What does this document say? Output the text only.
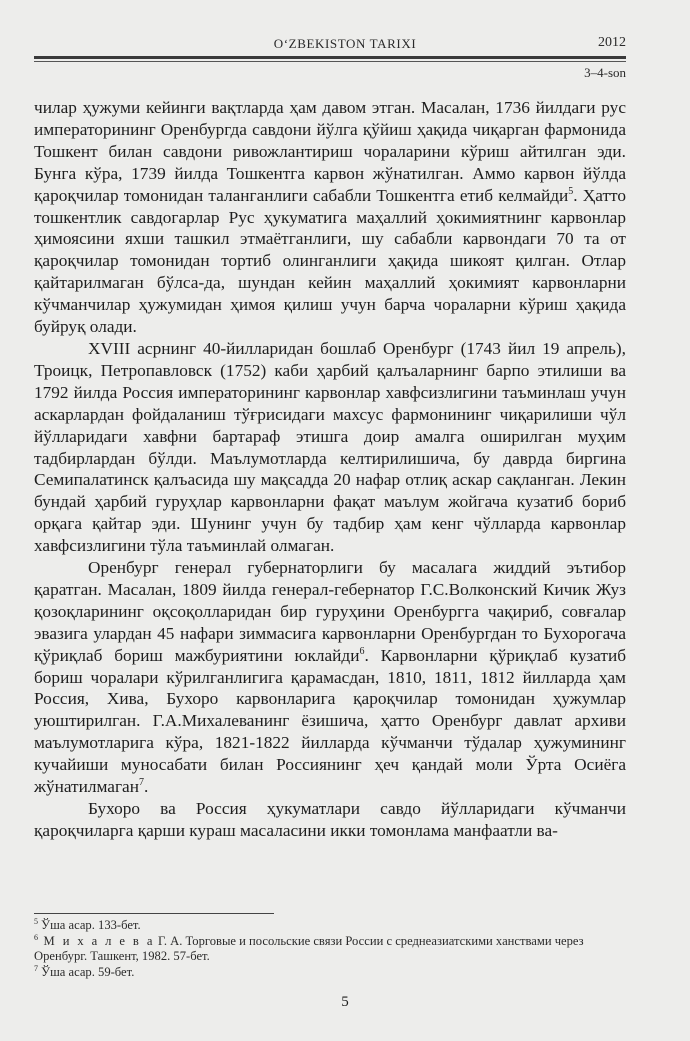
O‘ZBEKISTON TARIXI	2012
3–4-son

чилар ҳужуми кейинги вақтларда ҳам давом этган. Масалан, 1736 йилдаги рус императорининг Оренбургда савдони йўлга қўйиш ҳақида чиқарган фармонида Тошкент билан савдони ривожлантириш чораларини кўриш айтилган эди. Бунга кўра, 1739 йилда Тошкентга карвон жўнатилган. Аммо карвон йўлда қароқчилар томонидан таланганлиги сабабли Тошкентга етиб келмайди$^5$. Ҳатто тошкентлик савдогарлар Рус ҳукуматига маҳаллий ҳокимиятнинг карвонлар ҳимоясини яхши ташкил этмаётганлиги, шу сабабли карвондаги 70 та от қароқчилар томонидан тортиб олинганлиги ҳақида шикоят қилган. Отлар қайтарилмаган бўлса-да, шундан кейин маҳаллий ҳокимият карвонларни кўчманчилар ҳужумидан ҳимоя қилиш учун барча чораларни кўриш ҳақида буйруқ олади.

XVIII асрнинг 40-йилларидан бошлаб Оренбург (1743 йил 19 апрель), Троицк, Петропавловск (1752) каби ҳарбий қалъаларнинг барпо этилиши ва 1792 йилда Россия императорининг карвонлар хавфсизлигини таъминлаш учун аскарлардан фойдаланиш тўғрисидаги махсус фармонининг чиқарилиши чўл йўлларидаги хавфни бартараф этишга доир амалга оширилган муҳим тадбирлардан бўлди. Маълумотларда келтирилишича, бу даврда биргина Семипалатинск қалъасида шу мақсадда 20 нафар отлиқ аскар сақланган. Лекин бундай ҳарбий гуруҳлар карвонларни фақат маълум жойгача кузатиб бориб орқага қайтар эди. Шунинг учун бу тадбир ҳам кенг чўлларда карвонлар хавфсизлигини тўла таъминлай олмаган.

Оренбург генерал губернаторлиги бу масалага жиддий эътибор қаратган. Масалан, 1809 йилда генерал-гебернатор Г.С.Волконский Кичик Жуз қозоқларининг оқсоқолларидан бир гуруҳини Оренбургга чақириб, совғалар эвазига улардан 45 нафари зиммасига карвонларни Оренбургдан то Бухорогача қўриқлаб бориш мажбуриятини юклайди$^6$. Карвонларни қўриқлаб кузатиб бориш чоралари кўрилганлигига қарамасдан, 1810, 1811, 1812 йилларда ҳам Россия, Хива, Бухоро карвонларига қароқчилар томонидан ҳужумлар уюштирилган. Г.А.Михалеванинг ёзишича, ҳатто Оренбург давлат архиви маълумотларига кўра, 1821-1822 йилларда кўчманчи тўдалар ҳужумининг кучайиши муносабати билан Россиянинг ҳеч қандай моли Ўрта Осиёга жўнатилмаган$^7$.

Бухоро ва Россия ҳукуматлари савдо йўлларидаги кўчманчи қароқчиларга қарши кураш масаласини икки томонлама манфаатли ва-

$^5$ Ўша асар. 133-бет.

$^6$ М и х а л е в а Г. А. Торговые и посольские связи России с среднеазиатскими ханствами через Оренбург. Ташкент, 1982. 57-бет.

$^7$ Ўша асар. 59-бет.

5
